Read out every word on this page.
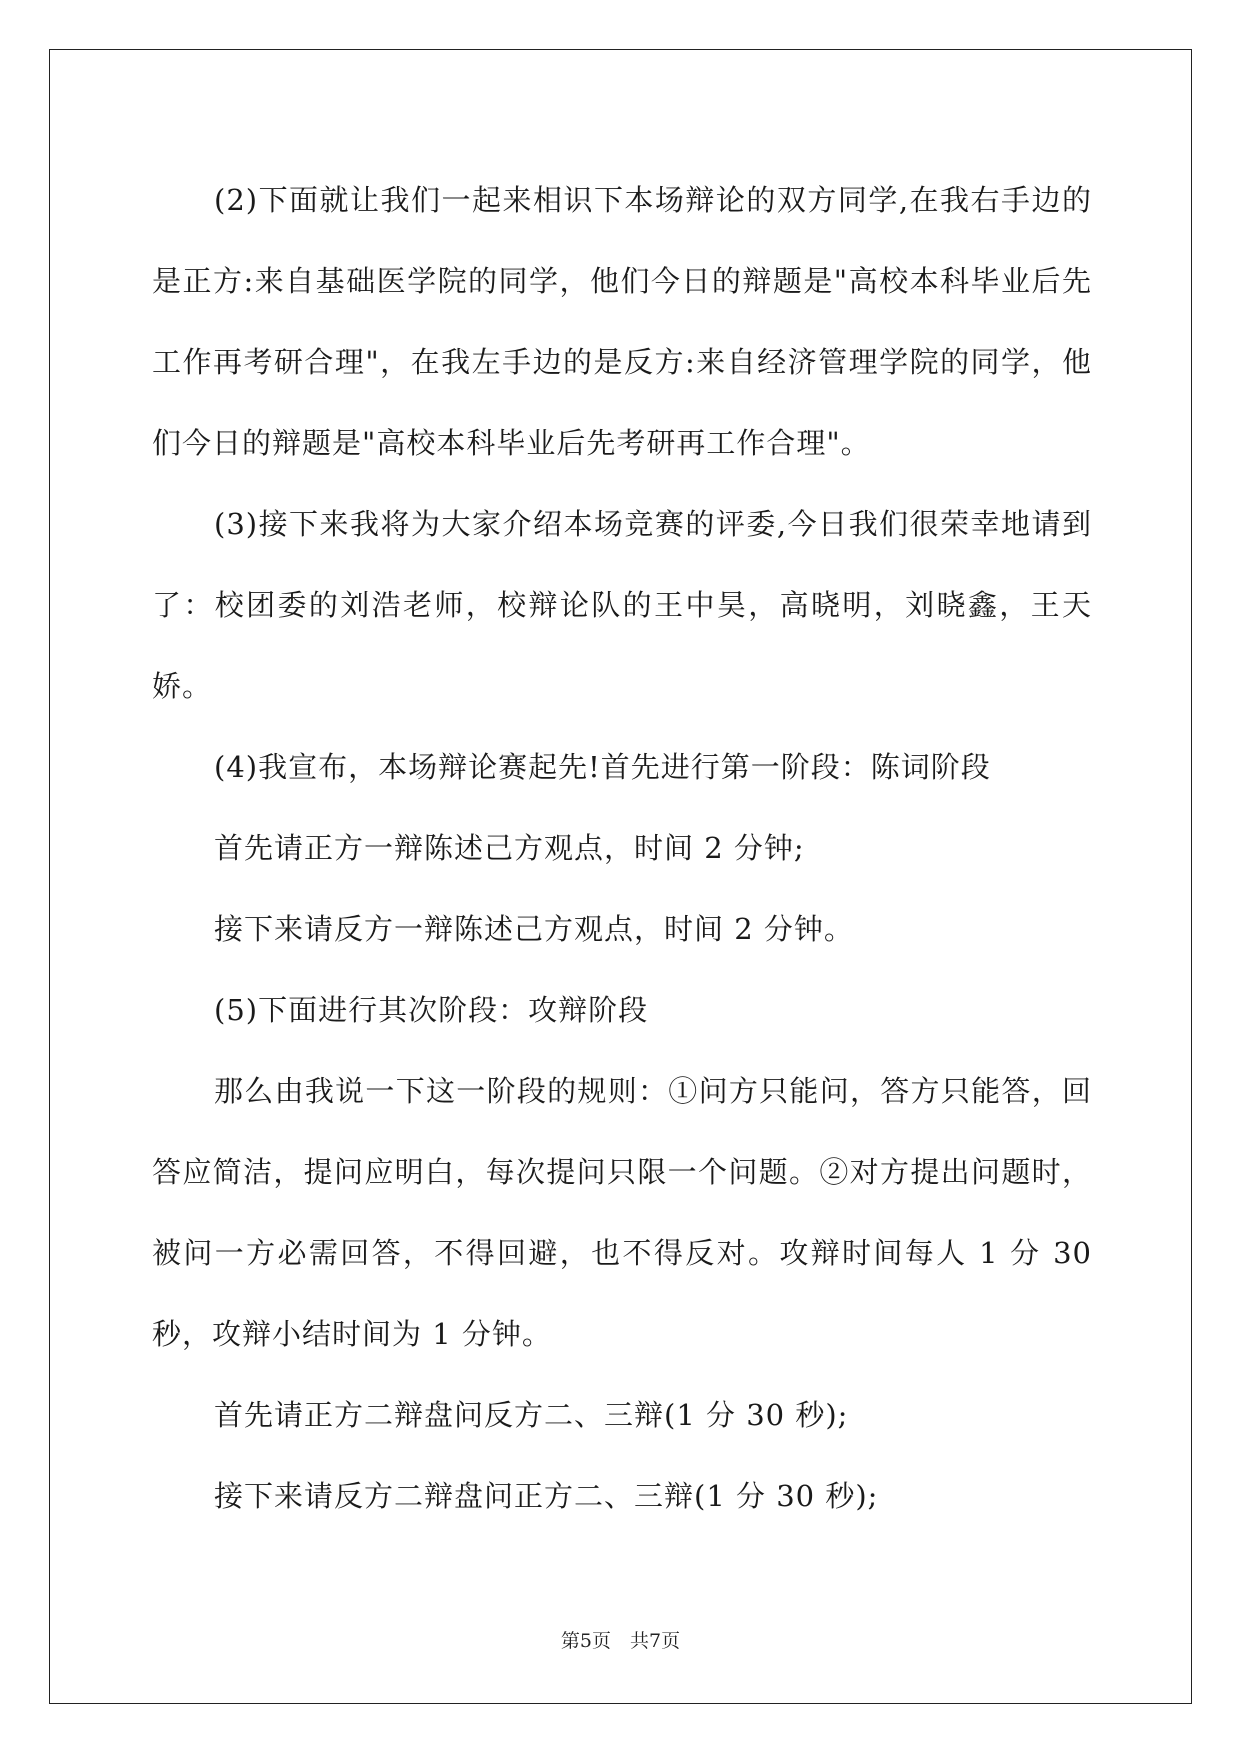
(2)下面就让我们一起来相识下本场辩论的双方同学,在我右手边的是正方:来自基础医学院的同学，他们今日的辩题是"高校本科毕业后先工作再考研合理"，在我左手边的是反方:来自经济管理学院的同学，他们今日的辩题是"高校本科毕业后先考研再工作合理"。

(3)接下来我将为大家介绍本场竞赛的评委,今日我们很荣幸地请到了：校团委的刘浩老师，校辩论队的王中昊，高晓明，刘晓鑫，王天娇。

(4)我宣布，本场辩论赛起先!首先进行第一阶段：陈词阶段

首先请正方一辩陈述己方观点，时间 2 分钟;

接下来请反方一辩陈述己方观点，时间 2 分钟。

(5)下面进行其次阶段：攻辩阶段

那么由我说一下这一阶段的规则：①问方只能问，答方只能答，回答应简洁，提问应明白，每次提问只限一个问题。②对方提出问题时，被问一方必需回答，不得回避，也不得反对。攻辩时间每人 1 分 30 秒，攻辩小结时间为 1 分钟。

首先请正方二辩盘问反方二、三辩(1 分 30 秒);

接下来请反方二辩盘问正方二、三辩(1 分 30 秒);

第5页　 共7页
